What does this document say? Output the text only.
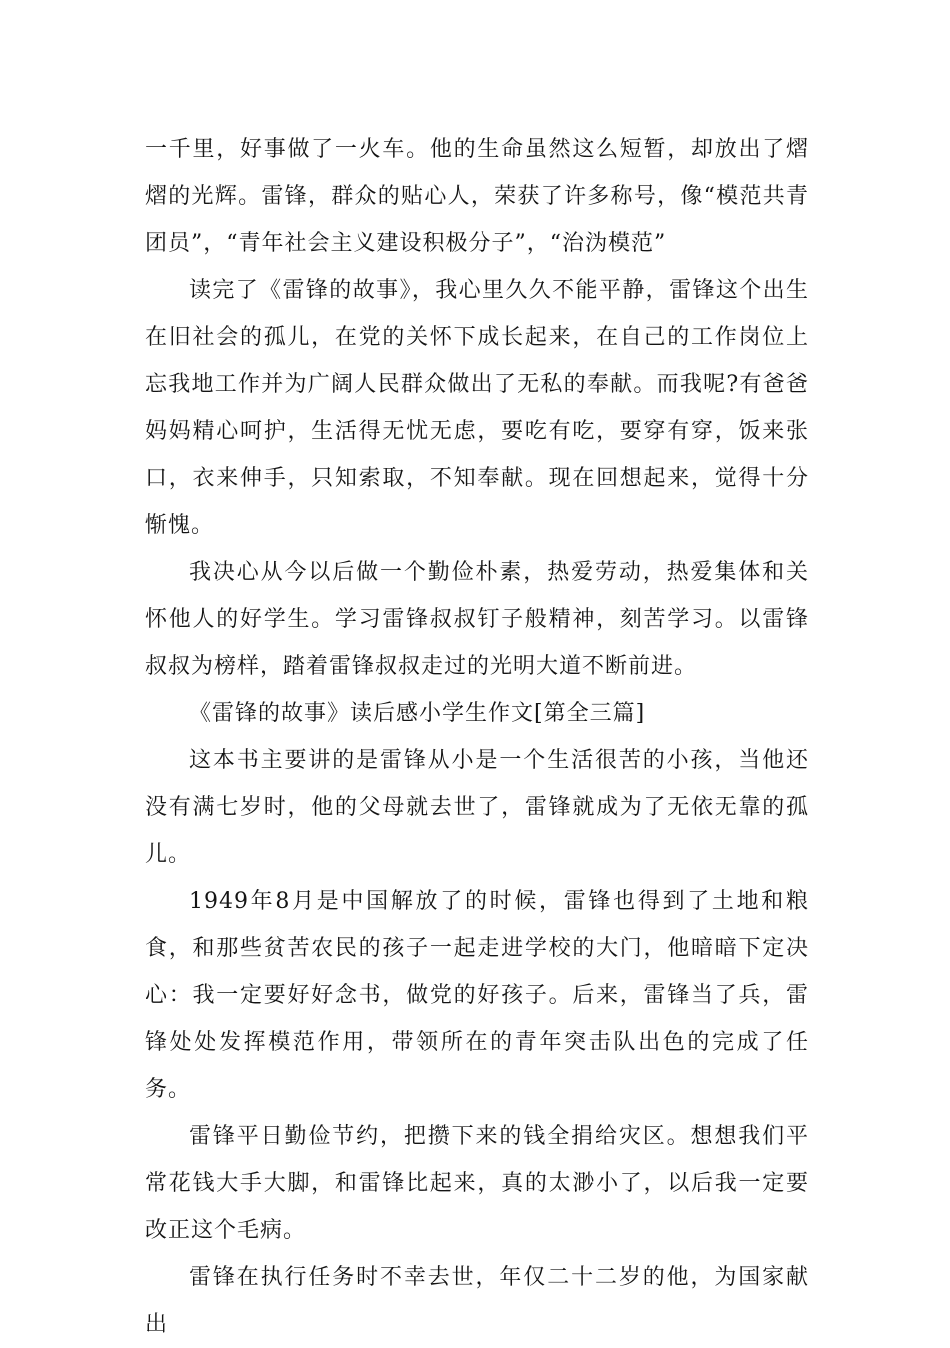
一千里，好事做了一火车。他的生命虽然这么短暂，却放出了熠熠的光辉。雷锋，群众的贴心人，荣获了许多称号，像“模范共青团员”，“青年社会主义建设积极分子”，“治沩模范”

读完了《雷锋的故事》，我心里久久不能平静，雷锋这个出生在旧社会的孤儿，在党的关怀下成长起来，在自己的工作岗位上忘我地工作并为广阔人民群众做出了无私的奉献。而我呢?有爸爸妈妈精心呵护，生活得无忧无虑，要吃有吃，要穿有穿，饭来张口，衣来伸手，只知索取，不知奉献。现在回想起来，觉得十分惭愧。

我决心从今以后做一个勤俭朴素，热爱劳动，热爱集体和关怀他人的好学生。学习雷锋叔叔钉子般精神，刻苦学习。以雷锋叔叔为榜样，踏着雷锋叔叔走过的光明大道不断前进。

《雷锋的故事》读后感小学生作文[第全三篇]

这本书主要讲的是雷锋从小是一个生活很苦的小孩，当他还没有满七岁时，他的父母就去世了，雷锋就成为了无依无靠的孤儿。

1949年8月是中国解放了的时候，雷锋也得到了土地和粮食，和那些贫苦农民的孩子一起走进学校的大门，他暗暗下定决心：我一定要好好念书，做党的好孩子。后来，雷锋当了兵，雷锋处处发挥模范作用，带领所在的青年突击队出色的完成了任务。

雷锋平日勤俭节约，把攒下来的钱全捐给灾区。想想我们平常花钱大手大脚，和雷锋比起来，真的太渺小了，以后我一定要改正这个毛病。

雷锋在执行任务时不幸去世，年仅二十二岁的他，为国家献出
